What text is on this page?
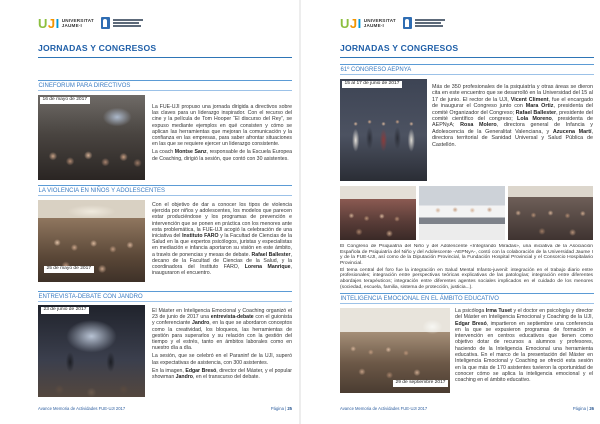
U J I UNIVERSITAT
JAUME·I
JORNADAS Y CONGRESOS
CINEFORUM PARA DIRECTIVOS
16 de mayo de 2017

La FUE-UJI propuso una jornada dirigida a directivos sobre las claves para un liderazgo inspirador. Con el recurso del cine y la película de Tom Hooper “El discurso del Rey”, se expuso mediante ejemplos en qué consisten y cómo se aplican las herramientas que mejoran la comunicación y la confianza en las empresas, para saber afrontar situaciones en las que se requiere ejercer un liderazgo consistente.

La coach Montse Sanz, responsable de la Escuela Europea de Coaching, dirigió la sesión, que contó con 30 asistentes.

LA VIOLENCIA EN NIÑOS Y ADOLESCENTES
25 de mayo de 2017

Con el objetivo de dar a conocer los tipos de violencia ejercida por niños y adolescentes, los modelos que parecen estar produciéndose y los programas de prevención e intervención que se ponen en práctica con los menores ante esta problemática, la FUE-UJI acogió la celebración de una iniciativa del Instituto FARO y la Facultad de Ciencias de la Salud en la que expertos psicólogos, juristas y especialistas en mediación e infancia aportaron su visión en este ámbito, a través de ponencias y mesas de debate. Rafael Ballester, decano de la Facultad de Ciencias de la Salud, y la coordinadora del Instituto FARO, Lorena Manrique, inauguraron el encuentro.

ENTREVISTA-DEBATE CON JANDRO
23 de junio de 2017	El Máster en Inteligencia Emocional y Coaching organizó el 23 de junio de 2017 una entrevista-debate con el guionista y conferenciante Jandro, en la que se abordaron conceptos como la creatividad, los bloqueos, las herramientas de gestión para superarlos y su relación con la gestión del tiempo y el estrés, tanto en ámbitos laborales como en nuestro día a día.

La sesión, que se celebró en el Paraninf de la UJI, superó las expectativas de asistencia, con 300 asistentes.

En la imagen, Edgar Bresó, director del Máster, y el popular showman Jandro, en el transcurso del debate.

Avance Memoria de Actividades FUE-UJI 2017	Página | 25
U J I UNIVERSITAT
JAUME·I
JORNADAS Y CONGRESOS
61º CONGRESO AEPNYA
15 al 17 de junio de 2017

Más de 350 profesionales de la psiquiatría y otras áreas se dieron cita en este encuentro que se desarrolló en la Universidad del 15 al 17 de junio. El rector de la UJI, Vicent Climent, fue el encargado de inaugurar el Congreso junto con Mara Ortiz, presidenta del comité Organizador del Congreso; Rafael Ballester, presidente del comité científico del congreso; Lola Moreno, presidenta de AEPNyA; Rosa Molero, directora general de Infancia y Adolescencia de la Generalitat Valenciana, y Azucena Martí, directora territorial de Sanidad Universal y Salud Pública de Castellón.

El Congreso de Psiquiatría del Niño y del Adolescente «Integrando Miradas», una iniciativa de la Asociación Española de Psiquiatría del Niño y del Adolescente -AEPNyA-, contó con la colaboración de la Universidad Jaume I y de la FUE-UJI, así como de la Diputación Provincial, la Fundación Hospital Provincial y el Consorcio Hospitalario Provincial.

El tema central del foro fue la integración en Salud Mental Infanto-juvenil: integración en el trabajo diario entre profesionales; integración entre perspectivas teóricas explicativas de las patologías; integración entre diferentes abordajes terapéuticos; integración entre diferentes agentes sociales implicados en el cuidado de los menores (sociedad, escuela, familia, sistema de protección, justicia...).

INTELIGENCIA EMOCIONAL EN EL ÁMBITO EDUCATIVO
29 de septiembre 2017

La psicóloga Irma Tuset y el doctor en psicología y director del Máster en Inteligencia Emocional y Coaching de la UJI, Edgar Bresó, impartieron en septiembre una conferencia en la que se expusieron programas de formación e intervención en centros educativos que tienen como objetivo dotar de recursos a alumnos y profesores, haciendo de la Inteligencia Emocional una herramienta educativa. En el marco de la presentación del Máster en Inteligencia Emocional y Coaching se ofreció esta sesión en la que más de 170 asistentes tuvieron la oportunidad de conocer cómo se aplica la inteligencia emocional y el coaching en el ámbito educativo.

Avance Memoria de Actividades FUE-UJI 2017	Página | 26
